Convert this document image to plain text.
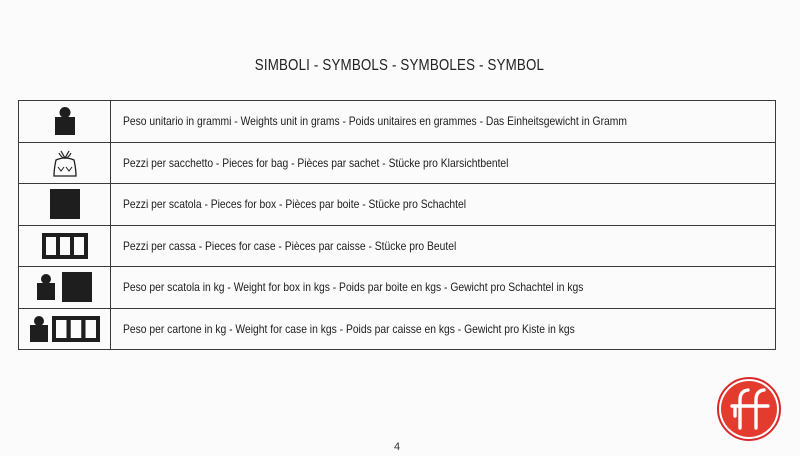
SIMBOLI - SYMBOLS - SYMBOLES - SYMBOL
	Peso unitario in grammi - Weights unit in grams - Poids unitaires en grammes - Das Einheitsgewicht in Gramm

	Pezzi per sacchetto - Pieces for bag - Pièces par sachet - Stücke pro Klarsichtbentel

	Pezzi per scatola - Pieces for box - Pièces par boite - Stücke pro Schachtel

	Pezzi per cassa - Pieces for case - Pièces par caisse - Stücke pro Beutel

	Peso per scatola in kg - Weight for box in kgs - Poids par boite en kgs - Gewicht pro Schachtel in kgs

	Peso per cartone in kg - Weight for case in kgs - Poids par caisse en kgs - Gewicht pro Kiste in kgs
4
